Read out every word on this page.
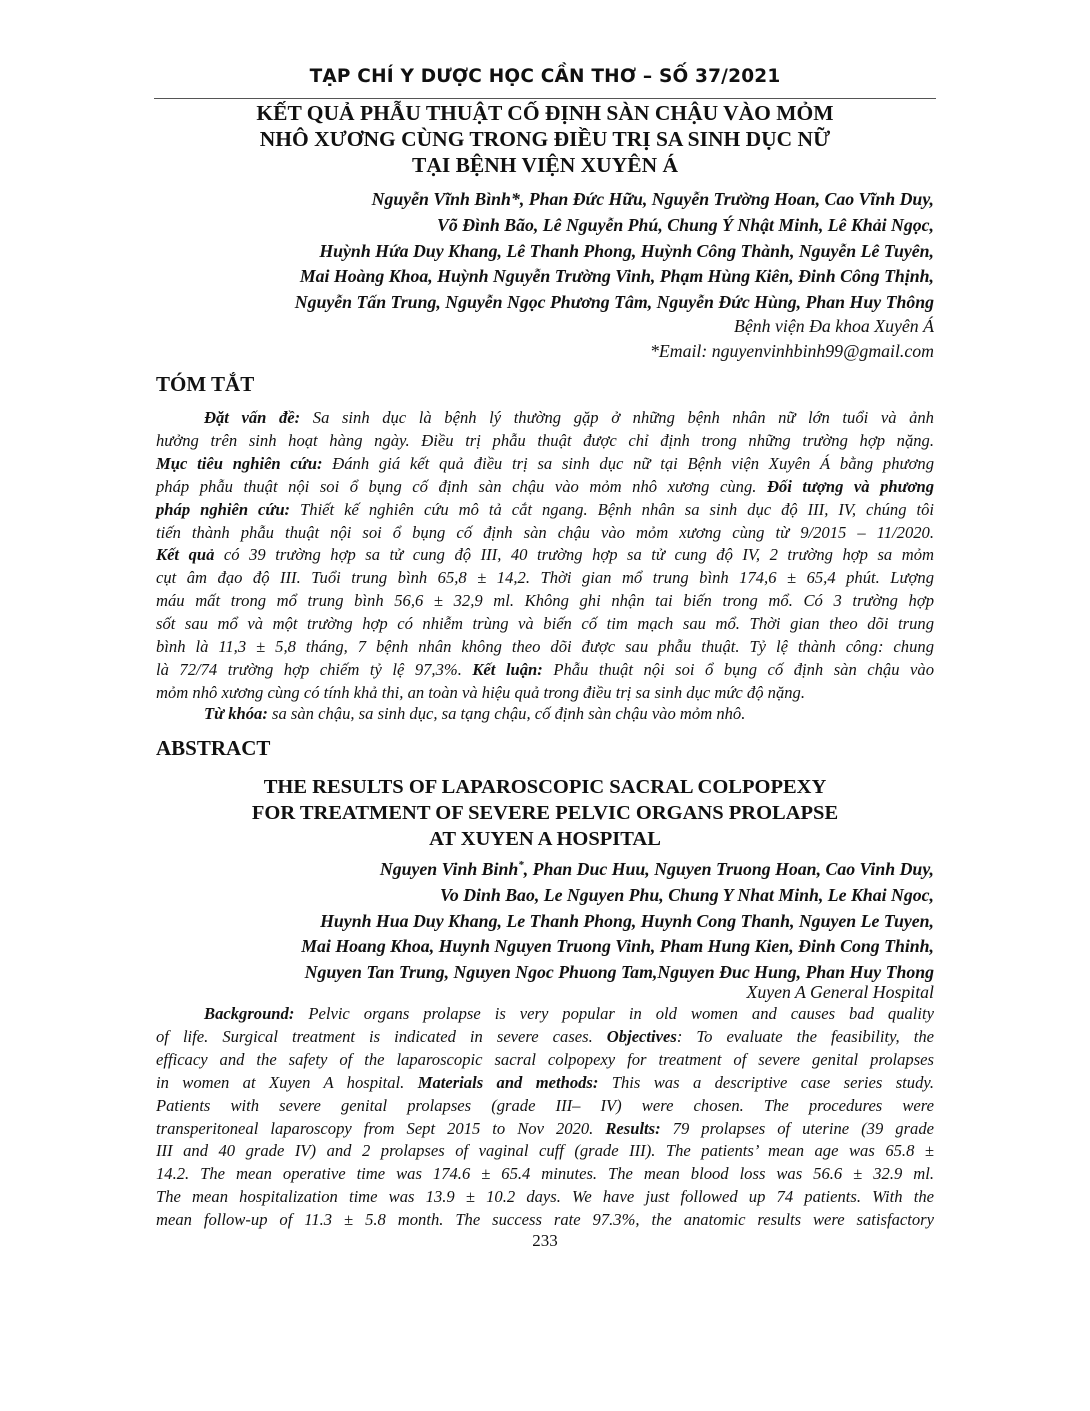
TẠP CHÍ Y DƯỢC HỌC CẦN THƠ – SỐ 37/2021
KẾT QUẢ PHẪU THUẬT CỐ ĐỊNH SÀN CHẬU VÀO MỎM
NHÔ XƯƠNG CÙNG TRONG ĐIỀU TRỊ SA SINH DỤC NỮ
TẠI BỆNH VIỆN XUYÊN Á
Nguyễn Vĩnh Bình*, Phan Đức Hữu, Nguyễn Trường Hoan, Cao Vĩnh Duy,
Võ Đình Bão, Lê Nguyễn Phú, Chung Ý Nhật Minh, Lê Khải Ngọc,
Huỳnh Hứa Duy Khang, Lê Thanh Phong, Huỳnh Công Thành, Nguyễn Lê Tuyên,
Mai Hoàng Khoa, Huỳnh Nguyễn Trường Vinh, Phạm Hùng Kiên, Đinh Công Thịnh,
Nguyễn Tấn Trung, Nguyễn Ngọc Phương Tâm, Nguyễn Đức Hùng, Phan Huy Thông
Bệnh viện Đa khoa Xuyên Á
*Email: nguyenvinhbinh99@gmail.com
TÓM TẮT
Đặt vấn đề: Sa sinh dục là bệnh lý thường gặp ở những bệnh nhân nữ lớn tuổi và ảnh
hưởng trên sinh hoạt hàng ngày. Điều trị phẫu thuật được chỉ định trong những trường hợp nặng.
Mục tiêu nghiên cứu: Đánh giá kết quả điều trị sa sinh dục nữ tại Bệnh viện Xuyên Á bằng phương
pháp phẫu thuật nội soi ổ bụng cố định sàn chậu vào mỏm nhô xương cùng. Đối tượng và phương
pháp nghiên cứu: Thiết kế nghiên cứu mô tả cắt ngang. Bệnh nhân sa sinh dục độ III, IV, chúng tôi
tiến thành phẫu thuật nội soi ổ bụng cố định sàn chậu vào mỏm xương cùng từ 9/2015 – 11/2020.
Kết quả có 39 trường hợp sa tử cung độ III, 40 trường hợp sa tử cung độ IV, 2 trường hợp sa mỏm
cụt âm đạo độ III. Tuổi trung bình 65,8 ± 14,2. Thời gian mổ trung bình 174,6 ± 65,4 phút. Lượng
máu mất trong mổ trung bình 56,6 ± 32,9 ml. Không ghi nhận tai biến trong mổ. Có 3 trường hợp
sốt sau mổ và một trường hợp có nhiễm trùng và biến cố tim mạch sau mổ. Thời gian theo dõi trung
bình là 11,3 ± 5,8 tháng, 7 bệnh nhân không theo dõi được sau phẫu thuật. Tỷ lệ thành công: chung
là 72/74 trường hợp chiếm tỷ lệ 97,3%. Kết luận: Phẫu thuật nội soi ổ bụng cố định sàn chậu vào
mỏm nhô xương cùng có tính khả thi, an toàn và hiệu quả trong điều trị sa sinh dục mức độ nặng.
Từ khóa: sa sàn chậu, sa sinh dục, sa tạng chậu, cố định sàn chậu vào mỏm nhô.
ABSTRACT
THE RESULTS OF LAPAROSCOPIC SACRAL COLPOPEXY
FOR TREATMENT OF SEVERE PELVIC ORGANS PROLAPSE
AT XUYEN A HOSPITAL
Nguyen Vinh Binh*, Phan Duc Huu, Nguyen Truong Hoan, Cao Vinh Duy,
Vo Dinh Bao, Le Nguyen Phu, Chung Y Nhat Minh, Le Khai Ngoc,
Huynh Hua Duy Khang, Le Thanh Phong, Huynh Cong Thanh, Nguyen Le Tuyen,
Mai Hoang Khoa, Huynh Nguyen Truong Vinh, Pham Hung Kien, Đinh Cong Thinh,
Nguyen Tan Trung, Nguyen Ngoc Phuong Tam,Nguyen Đuc Hung, Phan Huy Thong
Xuyen A General Hospital
Background: Pelvic organs prolapse is very popular in old women and causes bad quality
of life. Surgical treatment is indicated in severe cases. Objectives: To evaluate the feasibility, the
efficacy and the safety of the laparoscopic sacral colpopexy for treatment of severe genital prolapses
in women at Xuyen A hospital. Materials and methods: This was a descriptive case series study.
Patients with severe genital prolapses (grade III– IV) were chosen. The procedures were
transperitoneal laparoscopy from Sept 2015 to Nov 2020. Results: 79 prolapses of uterine (39 grade
III and 40 grade IV) and 2 prolapses of vaginal cuff (grade III). The patients’ mean age was 65.8 ±
14.2. The mean operative time was 174.6 ± 65.4 minutes. The mean blood loss was 56.6 ± 32.9 ml.
The mean hospitalization time was 13.9 ± 10.2 days. We have just followed up 74 patients. With the
mean follow-up of 11.3 ± 5.8 month. The success rate 97.3%, the anatomic results were satisfactory
233
